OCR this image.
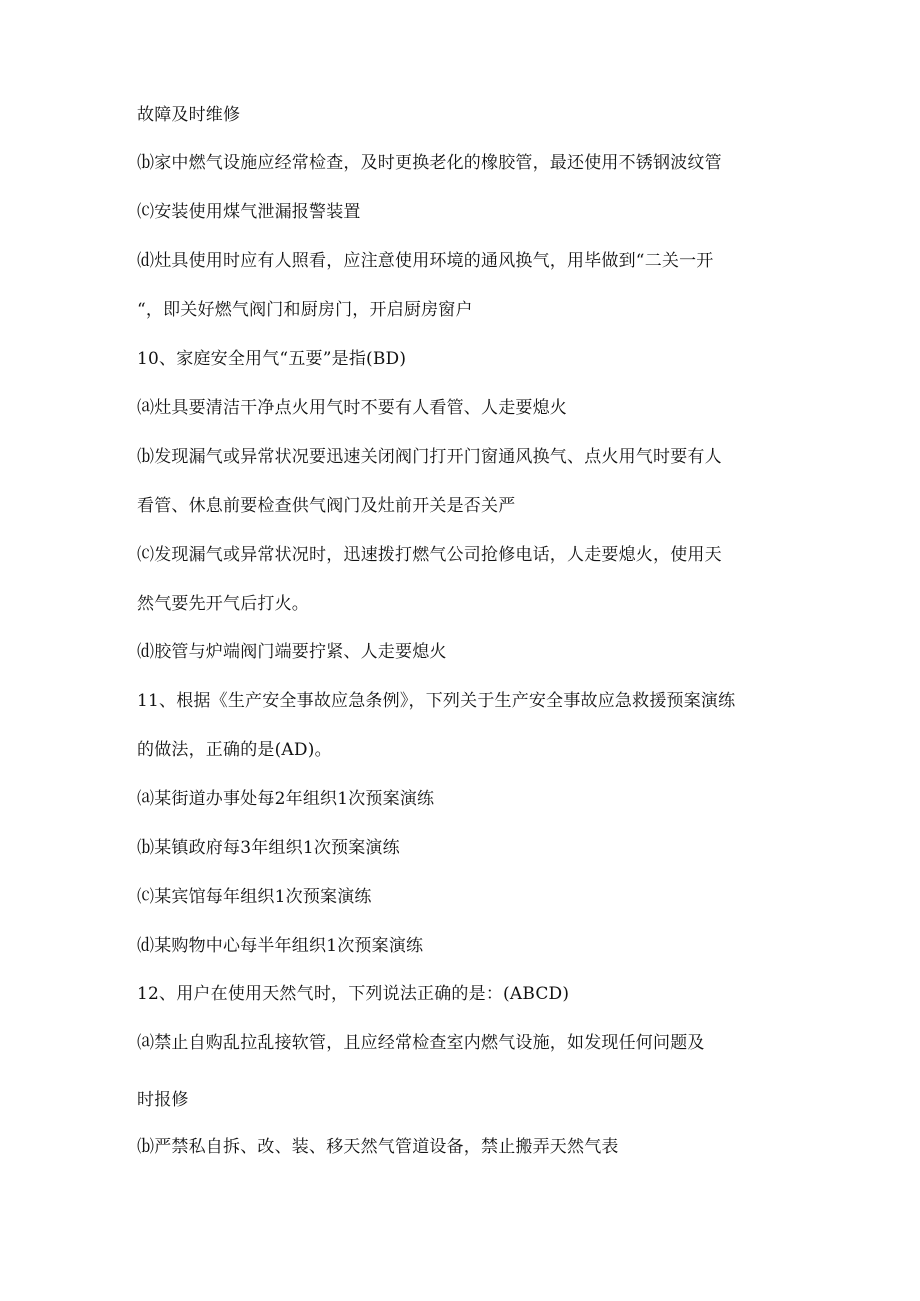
故障及时维修
⒝家中燃气设施应经常检查，及时更换老化的橡胶管，最还使用不锈钢波纹管
⒞安装使用煤气泄漏报警装置
⒟灶具使用时应有人照看，应注意使用环境的通风换气，用毕做到“二关一开
“，即关好燃气阀门和厨房门，开启厨房窗户
10、家庭安全用气“五要”是指(BD)
⒜灶具要清洁干净点火用气时不要有人看管、人走要熄火
⒝发现漏气或异常状况要迅速关闭阀门打开门窗通风换气、点火用气时要有人
看管、休息前要检查供气阀门及灶前开关是否关严
⒞发现漏气或异常状况时，迅速拨打燃气公司抢修电话，人走要熄火，使用天
然气要先开气后打火。
⒟胶管与炉端阀门端要拧紧、人走要熄火
11、根据《生产安全事故应急条例》，下列关于生产安全事故应急救援预案演练
的做法，正确的是(AD)。
⒜某街道办事处每2年组织1次预案演练
⒝某镇政府每3年组织1次预案演练
⒞某宾馆每年组织1次预案演练
⒟某购物中心每半年组织1次预案演练
12、用户在使用天然气时，下列说法正确的是：(ABCD)
⒜禁止自购乱拉乱接软管，且应经常检查室内燃气设施，如发现任何问题及
时报修
⒝严禁私自拆、改、装、移天然气管道设备，禁止搬弄天然气表
